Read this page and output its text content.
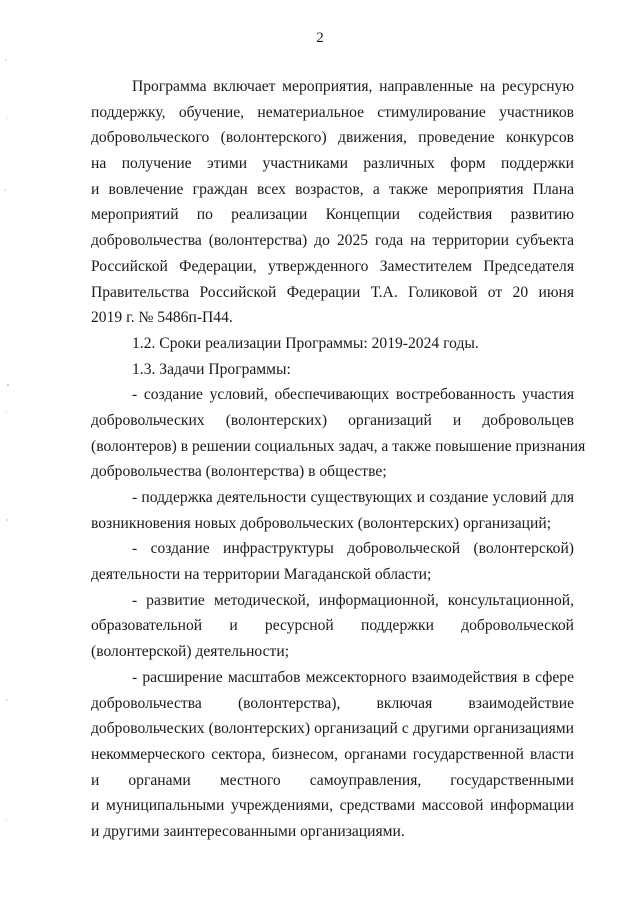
2
Программа включает мероприятия, направленные на ресурсную
поддержку, обучение, нематериальное стимулирование участников
добровольческого (волонтерского) движения, проведение конкурсов
на получение этими участниками различных форм поддержки
и вовлечение граждан всех возрастов, а также мероприятия Плана
мероприятий по реализации Концепции содействия развитию
добровольчества (волонтерства) до 2025 года на территории субъекта
Российской Федерации, утвержденного Заместителем Председателя
Правительства Российской Федерации Т.А. Голиковой от 20 июня
2019 г. № 5486п-П44.
1.2. Сроки реализации Программы: 2019-2024 годы.
1.3. Задачи Программы:
- создание условий, обеспечивающих востребованность участия
добровольческих (волонтерских) организаций и добровольцев
(волонтеров) в решении социальных задач, а также повышение признания
добровольчества (волонтерства) в обществе;
- поддержка деятельности существующих и создание условий для
возникновения новых добровольческих (волонтерских) организаций;
- создание инфраструктуры добровольческой (волонтерской)
деятельности на территории Магаданской области;
- развитие методической, информационной, консультационной,
образовательной и ресурсной поддержки добровольческой
(волонтерской) деятельности;
- расширение масштабов межсекторного взаимодействия в сфере
добровольчества (волонтерства), включая взаимодействие
добровольческих (волонтерских) организаций с другими организациями
некоммерческого сектора, бизнесом, органами государственной власти
и органами местного самоуправления, государственными
и муниципальными учреждениями, средствами массовой информации
и другими заинтересованными организациями.
